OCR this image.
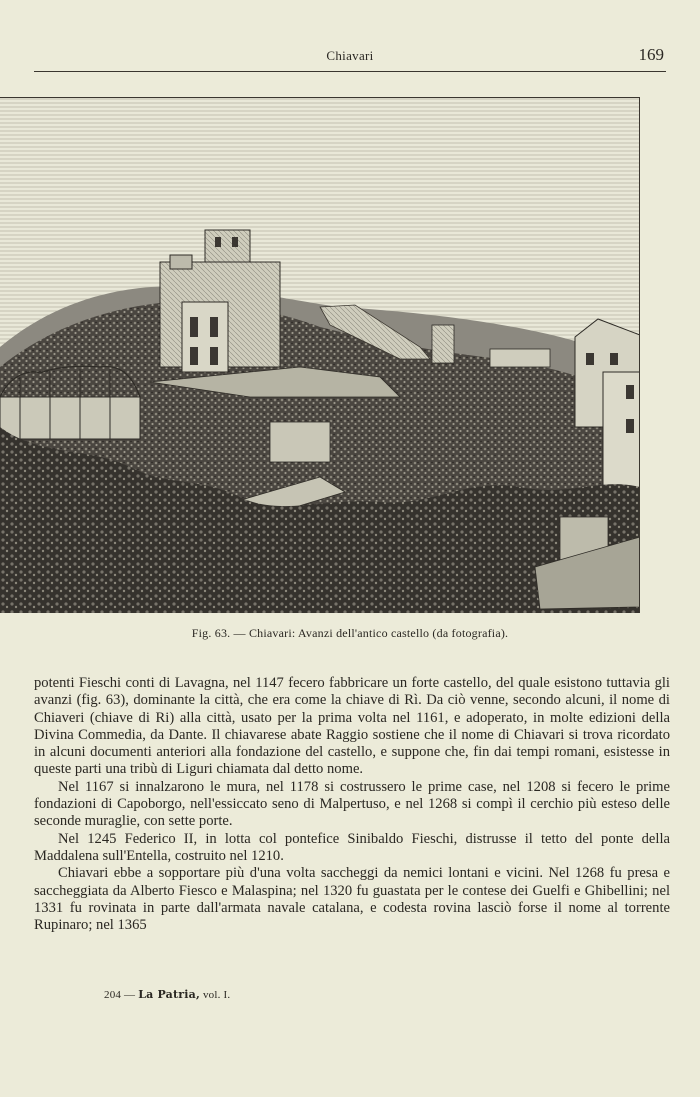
Chiavari	169
Fig. 63. — Chiavari: Avanzi dell'antico castello (da fotografia).

potenti Fieschi conti di Lavagna, nel 1147 fecero fabbricare un forte castello, del quale esistono tuttavia gli avanzi (fig. 63), dominante la città, che era come la chiave di Rì. Da ciò venne, secondo alcuni, il nome di Chiaveri (chiave di Ri) alla città, usato per la prima volta nel 1161, e adoperato, in molte edizioni della Divina Commedia, da Dante. Il chiavarese abate Raggio sostiene che il nome di Chiavari si trova ricordato in alcuni documenti anteriori alla fondazione del castello, e suppone che, fin dai tempi romani, esistesse in queste parti una tribù di Liguri chiamata dal detto nome.

Nel 1167 si innalzarono le mura, nel 1178 si costrussero le prime case, nel 1208 si fecero le prime fondazioni di Capoborgo, nell'essiccato seno di Malpertuso, e nel 1268 si compì il cerchio più esteso delle seconde muraglie, con sette porte.

Nel 1245 Federico II, in lotta col pontefice Sinibaldo Fieschi, distrusse il tetto del ponte della Maddalena sull'Entella, costruito nel 1210.

Chiavari ebbe a sopportare più d'una volta saccheggi da nemici lontani e vicini. Nel 1268 fu presa e saccheggiata da Alberto Fiesco e Malaspina; nel 1320 fu guastata per le contese dei Guelfi e Ghibellini; nel 1331 fu rovinata in parte dall'armata navale catalana, e codesta rovina lasciò forse il nome al torrente Rupinaro; nel 1365

204 — La Patria, vol. I.
